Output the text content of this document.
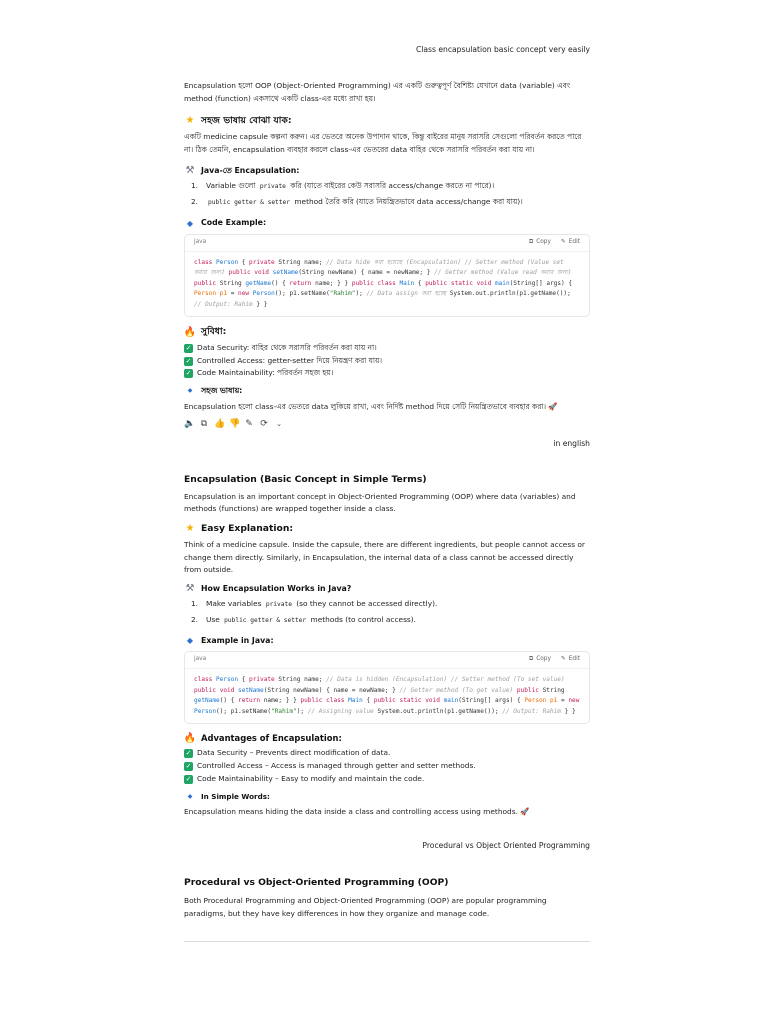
Class encapsulation basic concept very easily

Encapsulation হলো OOP (Object-Oriented Programming) এর একটি গুরুত্বপূর্ণ বৈশিষ্ট্য যেখানে data (variable) এবং method (function) একসাথে একটি class-এর মধ্যে রাখা হয়।

★ সহজ ভাষায় বোঝা যাক:

একটি medicine capsule কল্পনা করুন। এর ভেতরে অনেক উপাদান থাকে, কিন্তু বাইরের মানুষ সরাসরি সেগুলো পরিবর্তন করতে পারে না। ঠিক তেমনি, encapsulation ব্যবহার করলে class-এর ভেতরের data বাহির থেকে সরাসরি পরিবর্তন করা যায় না।

⚒ Java-তে Encapsulation:
1. Variable গুলো private করি (যাতে বাইরের কেউ সরাসরি access/change করতে না পারে)।
2.	public getter & setter method তৈরি করি (যাতে নিয়ন্ত্রিতভাবে data access/change করা যায়)।
◆	Code Example:
java	⧉ Copy ✎ Edit
class Person { private String name; // Data hide করা হয়েছে (Encapsulation) // Setter method (Value set করার জন্য) public void setName(String newName) { name = newName; } // Getter method (Value read করার জন্য) public String getName() { return name; } } public class Main { public static void main(String[] args) { Person p1 = new Person(); p1.setName("Rahim"); // Data assign করা হচ্ছে System.out.println(p1.getName()); // Output: Rahim } }
🔥 সুবিধা:
✓ Data Security: বাহির থেকে সরাসরি পরিবর্তন করা যায় না।
✓ Controlled Access: getter-setter দিয়ে নিয়ন্ত্রণ করা যায়।
✓ Code Maintainability: পরিবর্তন সহজ হয়।
◆	সহজ ভাষায়:

Encapsulation হলো class-এর ভেতরে data লুকিয়ে রাখা, এবং নির্দিষ্ট method দিয়ে সেটি নিয়ন্ত্রিতভাবে ব্যবহার করা। 🚀

🔈 ⧉ 👍 👎 ✎ ⟳ ⌄
in english
Encapsulation (Basic Concept in Simple Terms)

Encapsulation is an important concept in Object-Oriented Programming (OOP) where data (variables) and methods (functions) are wrapped together inside a class.

★ Easy Explanation:

Think of a medicine capsule. Inside the capsule, there are different ingredients, but people cannot access or change them directly. Similarly, in Encapsulation, the internal data of a class cannot be accessed directly from outside.

⚒ How Encapsulation Works in Java?
1. Make variables private (so they cannot be accessed directly).
2. Use public getter & setter methods (to control access).
◆	Example in Java:
java	⧉ Copy ✎ Edit
class Person { private String name; // Data is hidden (Encapsulation) // Setter method (To set value) public void setName(String newName) { name = newName; } // Getter method (To get value) public String getName() { return name; } } public class Main { public static void main(String[] args) { Person p1 = new Person(); p1.setName("Rahim"); // Assigning value System.out.println(p1.getName()); // Output: Rahim } }
🔥 Advantages of Encapsulation:
✓ Data Security – Prevents direct modification of data.
✓ Controlled Access – Access is managed through getter and setter methods.
✓ Code Maintainability – Easy to modify and maintain the code.
◆	In Simple Words:

Encapsulation means hiding the data inside a class and controlling access using methods. 🚀

Procedural vs Object Oriented Programming
Procedural vs Object-Oriented Programming (OOP)

Both Procedural Programming and Object-Oriented Programming (OOP) are popular programming paradigms, but they have key differences in how they organize and manage code.
